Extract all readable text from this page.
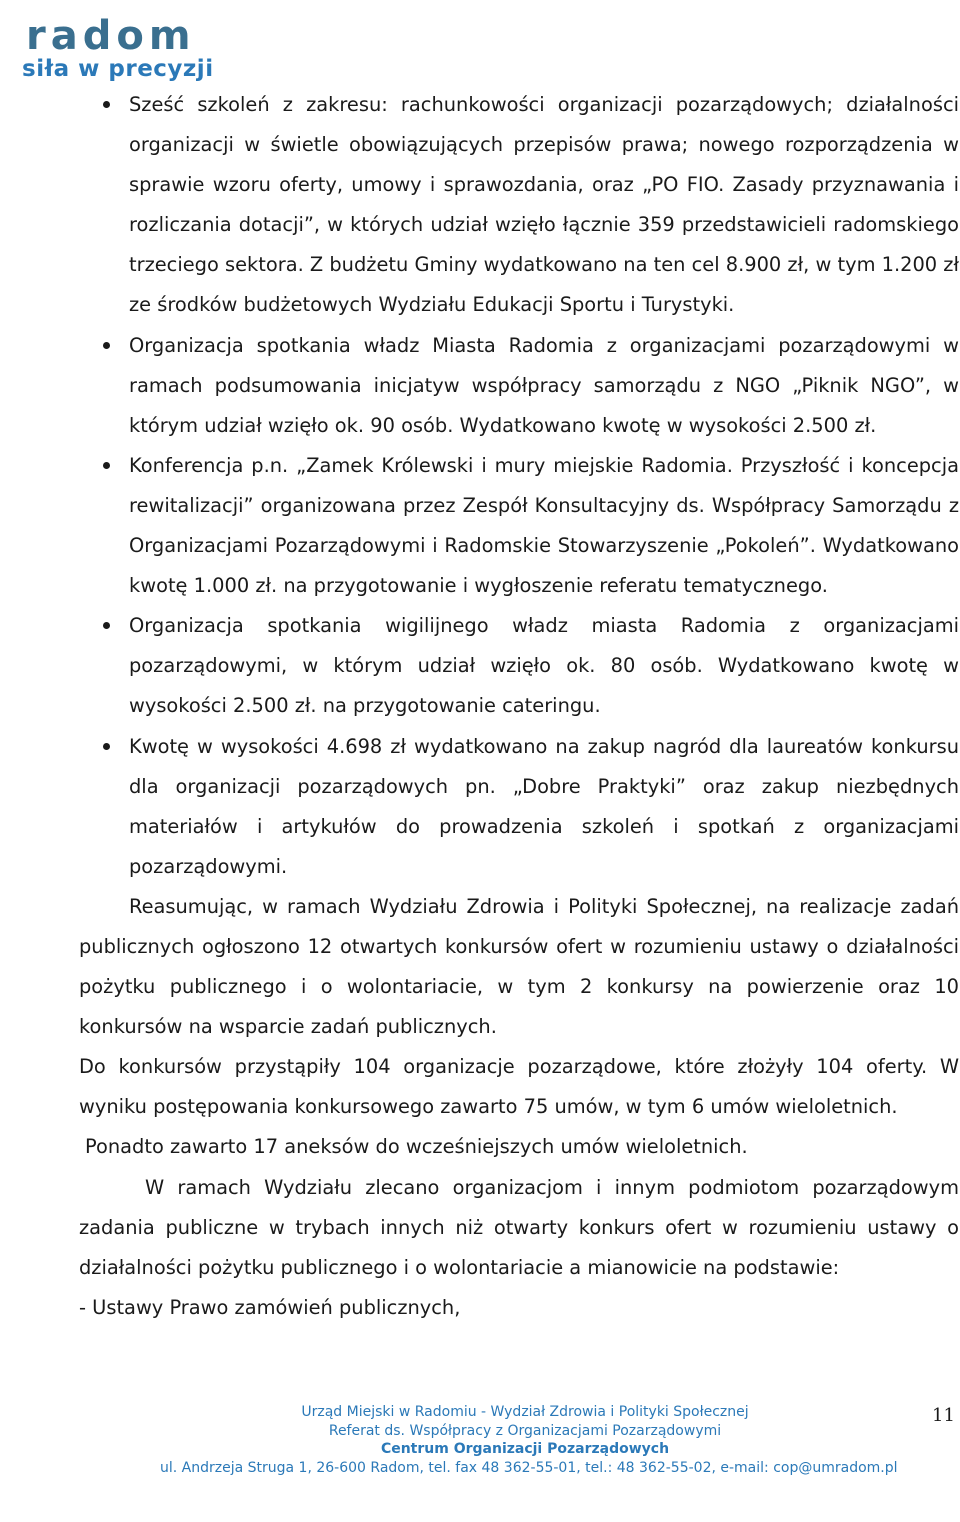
radom
siła w precyzji
Sześć szkoleń z zakresu: rachunkowości organizacji pozarządowych; działalności organizacji w świetle obowiązujących przepisów prawa; nowego rozporządzenia w sprawie wzoru oferty, umowy i sprawozdania, oraz „PO FIO. Zasady przyznawania i rozliczania dotacji”, w których udział wzięło łącznie 359 przedstawicieli radomskiego trzeciego sektora. Z budżetu Gminy wydatkowano na ten cel 8.900 zł, w tym 1.200 zł ze środków budżetowych Wydziału Edukacji Sportu i Turystyki.
Organizacja spotkania władz Miasta Radomia z organizacjami pozarządowymi w ramach podsumowania inicjatyw współpracy samorządu z NGO „Piknik NGO”, w którym udział wzięło ok. 90 osób. Wydatkowano kwotę w wysokości 2.500 zł.
Konferencja p.n. „Zamek Królewski i mury miejskie Radomia. Przyszłość i koncepcja rewitalizacji” organizowana przez Zespół Konsultacyjny ds. Współpracy Samorządu z Organizacjami Pozarządowymi i Radomskie Stowarzyszenie „Pokoleń”. Wydatkowano kwotę 1.000 zł. na przygotowanie i wygłoszenie referatu tematycznego.
Organizacja spotkania wigilijnego władz miasta Radomia z organizacjami pozarządowymi, w którym udział wzięło ok. 80 osób. Wydatkowano kwotę w wysokości 2.500 zł. na przygotowanie cateringu.
Kwotę w wysokości 4.698 zł wydatkowano na zakup nagród dla laureatów konkursu dla organizacji pozarządowych pn. „Dobre Praktyki” oraz zakup niezbędnych materiałów i artykułów do prowadzenia szkoleń i spotkań z organizacjami pozarządowymi.

Reasumując, w ramach Wydziału Zdrowia i Polityki Społecznej, na realizacje zadań publicznych ogłoszono 12 otwartych konkursów ofert w rozumieniu ustawy o działalności pożytku publicznego i o wolontariacie, w tym 2 konkursy na powierzenie oraz 10 konkursów na wsparcie zadań publicznych.

Do konkursów przystąpiły 104 organizacje pozarządowe, które złożyły 104 oferty. W wyniku postępowania konkursowego zawarto 75 umów, w tym 6 umów wieloletnich.

Ponadto zawarto 17 aneksów do wcześniejszych umów wieloletnich.

W ramach Wydziału zlecano organizacjom i innym podmiotom pozarządowym zadania publiczne w trybach innych niż otwarty konkurs ofert w rozumieniu ustawy o działalności pożytku publicznego i o wolontariacie a mianowicie na podstawie:

- Ustawy Prawo zamówień publicznych,

Urząd Miejski w Radomiu - Wydział Zdrowia i Polityki Społecznej
Referat ds. Współpracy z Organizacjami Pozarządowymi
Centrum Organizacji Pozarządowych
ul. Andrzeja Struga 1, 26-600 Radom, tel. fax 48 362-55-01, tel.: 48 362-55-02, e-mail: cop@umradom.pl
11
